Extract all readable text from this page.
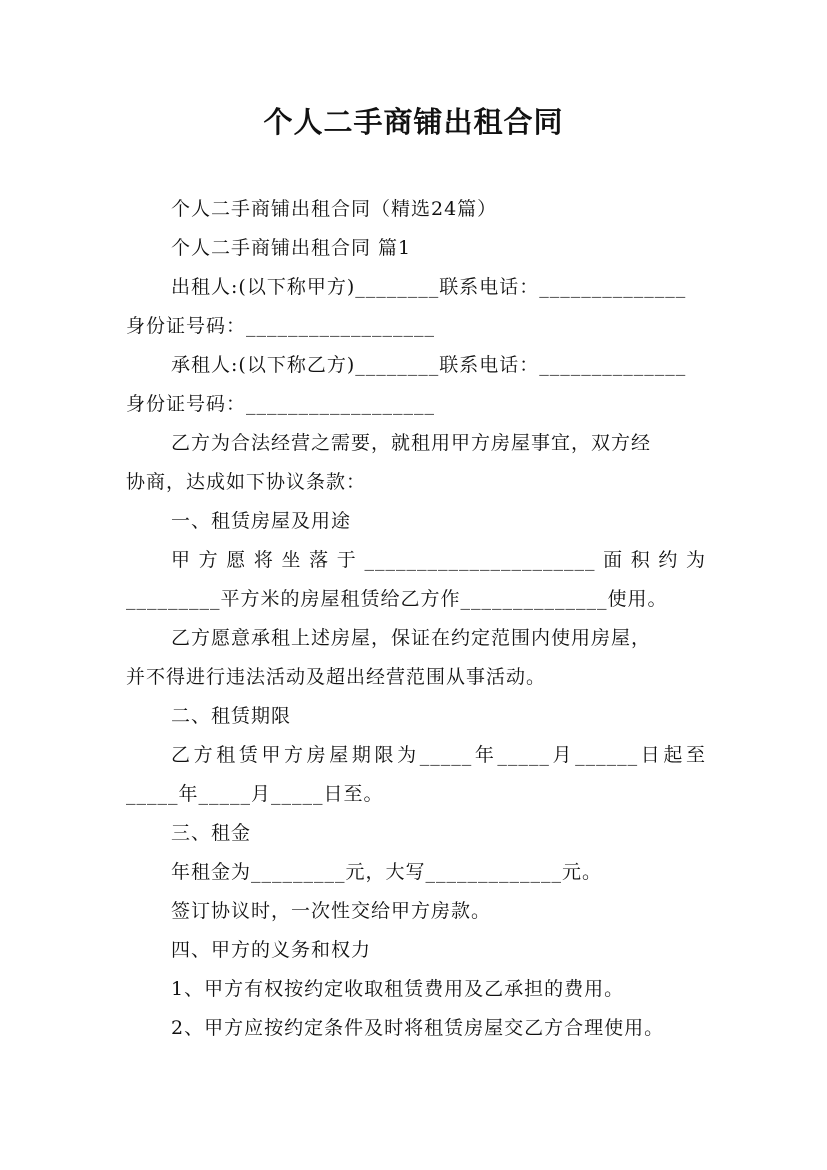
个人二手商铺出租合同
个人二手商铺出租合同（精选24篇）
个人二手商铺出租合同 篇1
出租人:(以下称甲方)________联系电话：______________
身份证号码：__________________
承租人:(以下称乙方)________联系电话：______________
身份证号码：__________________
乙方为合法经营之需要，就租用甲方房屋事宜，双方经
协商，达成如下协议条款：
一、租赁房屋及用途
甲方愿将坐落于______________________面积约为
_________平方米的房屋租赁给乙方作______________使用。
乙方愿意承租上述房屋，保证在约定范围内使用房屋，
并不得进行违法活动及超出经营范围从事活动。
二、租赁期限
乙方租赁甲方房屋期限为_____年_____月______日起至
_____年_____月_____日至。
三、租金
年租金为_________元，大写_____________元。
签订协议时，一次性交给甲方房款。
四、甲方的义务和权力
1、甲方有权按约定收取租赁费用及乙承担的费用。
2、甲方应按约定条件及时将租赁房屋交乙方合理使用。
